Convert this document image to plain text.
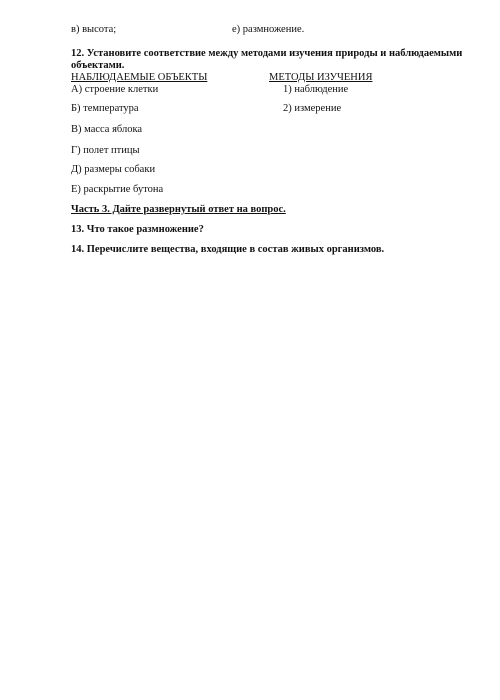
в) высота;	е) размножение.
12. Установите соответствие между методами изучения природы и наблюдаемыми
объектами.
НАБЛЮДАЕМЫЕ ОБЪЕКТЫ	МЕТОДЫ ИЗУЧЕНИЯ
А) строение клетки	1) наблюдение
Б) температура	2) измерение
В) масса яблока
Г) полет птицы
Д) размеры собаки
Е) раскрытие бутона
Часть 3. Дайте развернутый ответ на вопрос.
13. Что такое размножение?
14. Перечислите вещества, входящие в состав живых организмов.
